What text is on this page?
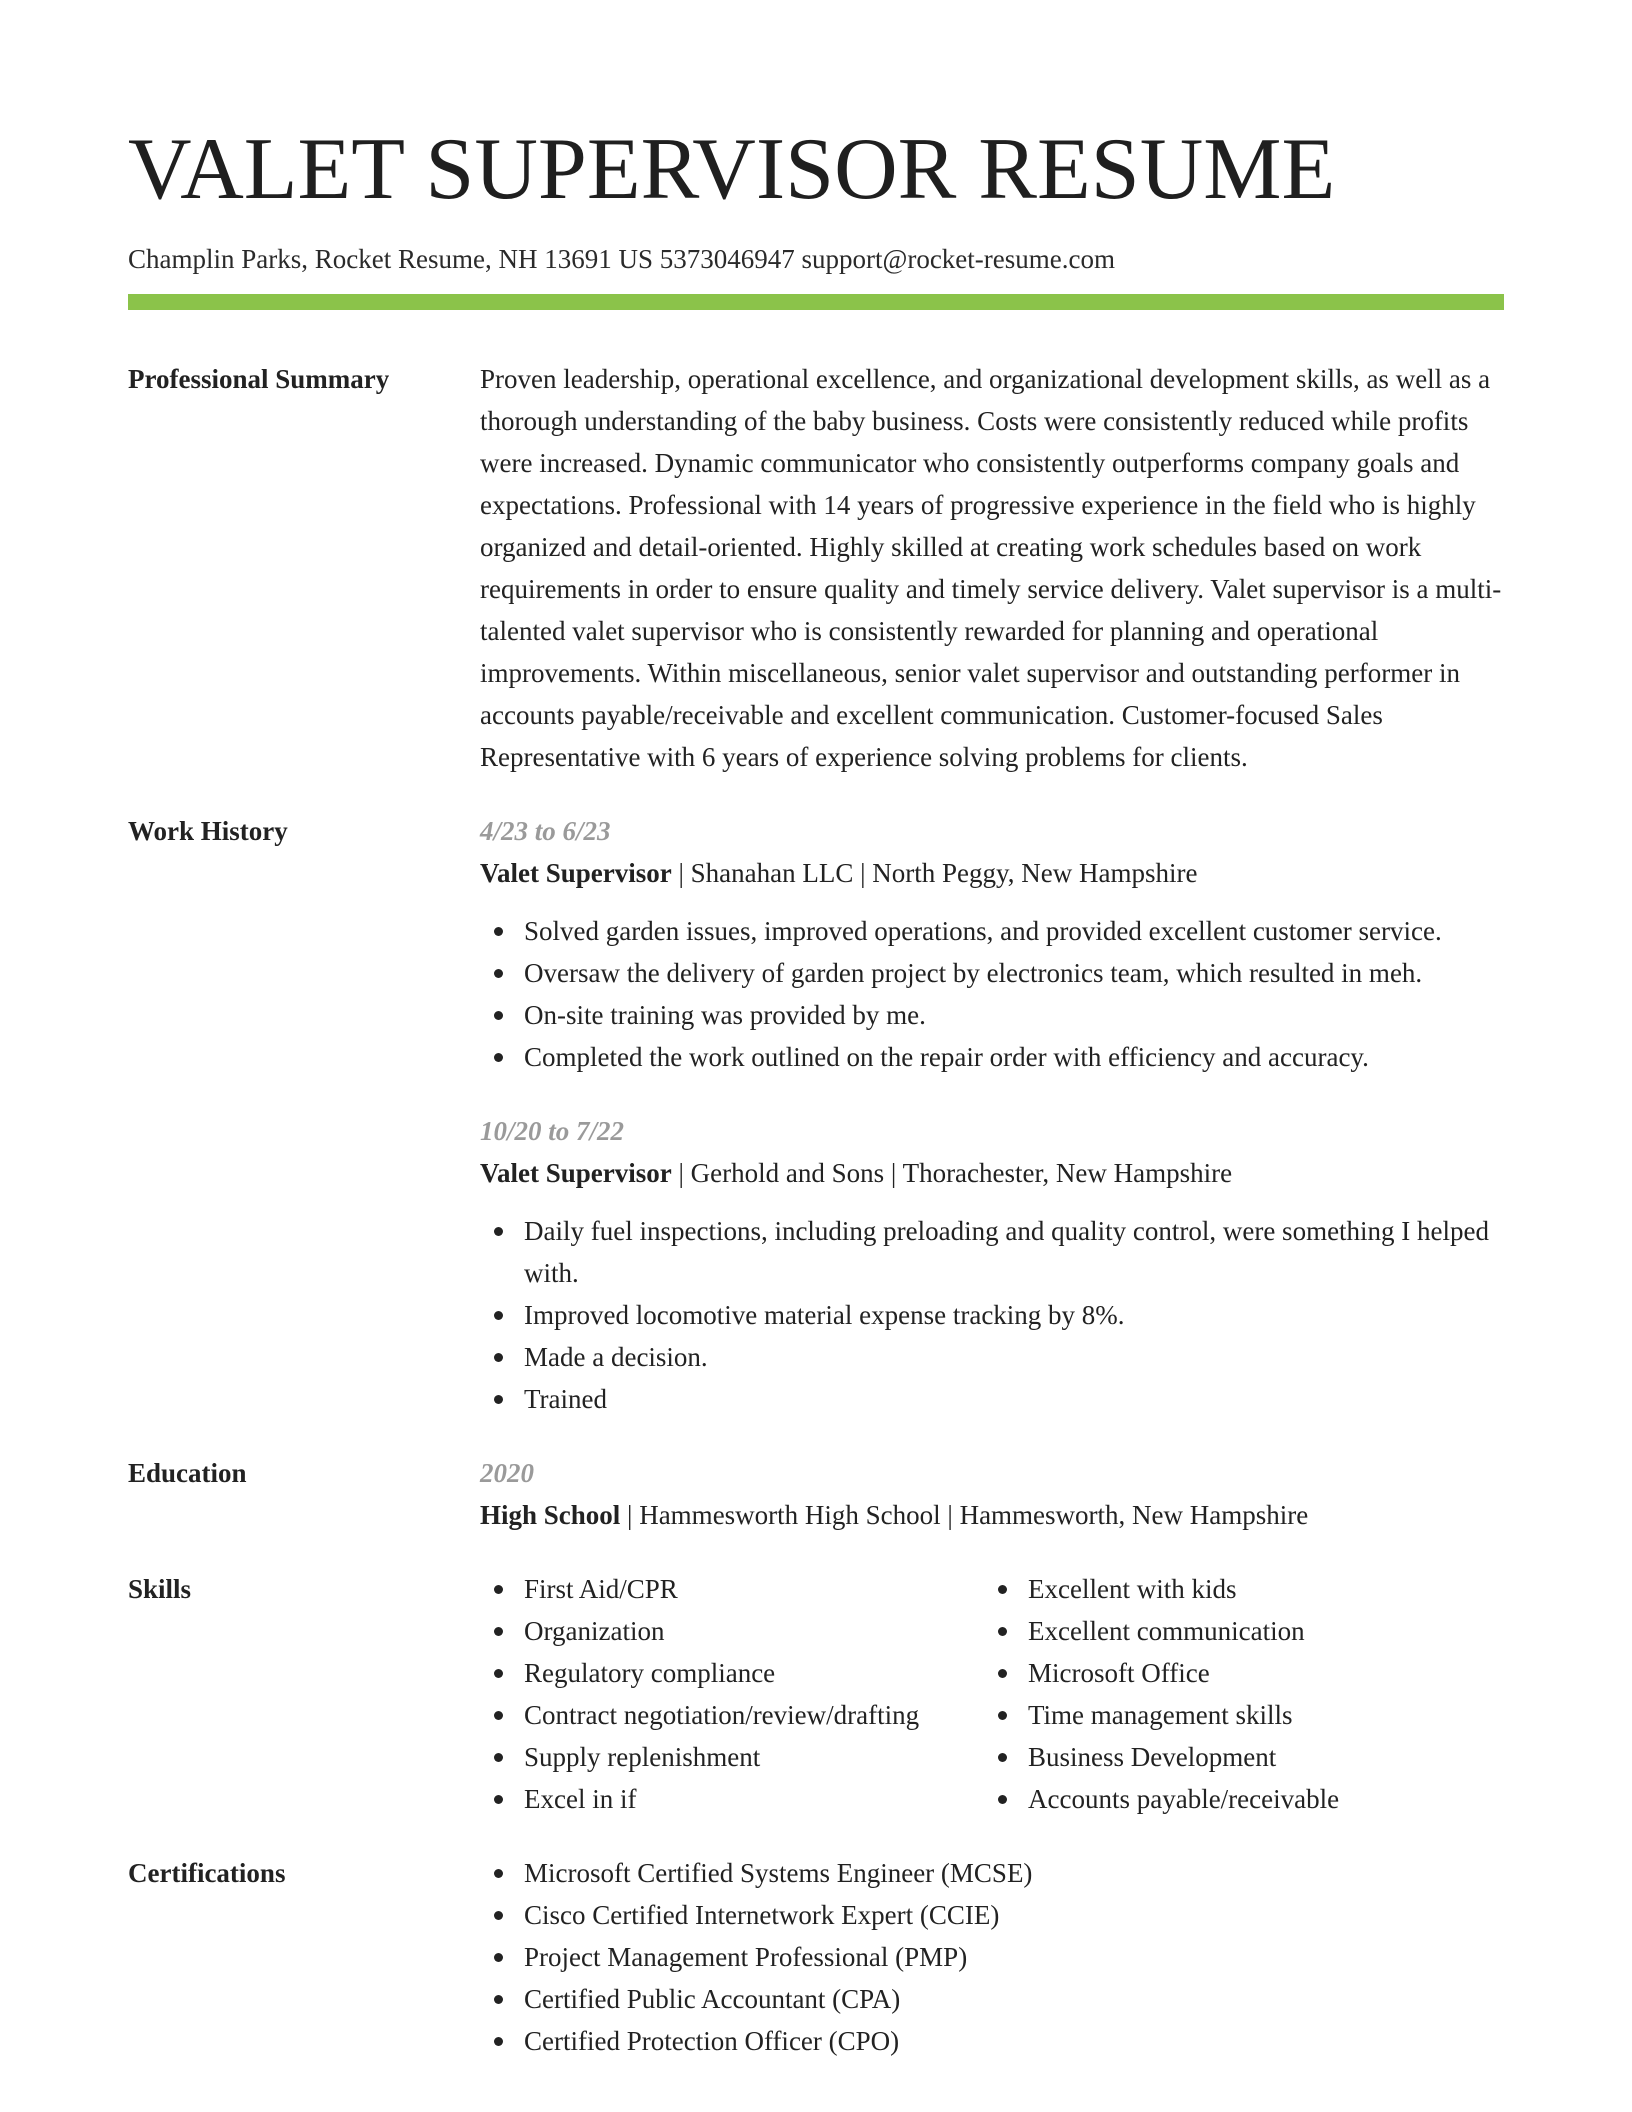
VALET SUPERVISOR RESUME
Champlin Parks, Rocket Resume, NH 13691 US 5373046947 support@rocket-resume.com
Professional Summary	Proven leadership, operational excellence, and organizational development skills, as well as a thorough understanding of the baby business. Costs were consistently reduced while profits were increased. Dynamic communicator who consistently outperforms company goals and expectations. Professional with 14 years of progressive experience in the field who is highly organized and detail-oriented. Highly skilled at creating work schedules based on work requirements in order to ensure quality and timely service delivery. Valet supervisor is a multi-talented valet supervisor who is consistently rewarded for planning and operational improvements. Within miscellaneous, senior valet supervisor and outstanding performer in accounts payable/receivable and excellent communication. Customer-focused Sales Representative with 6 years of experience solving problems for clients.
Work History	4/23 to 6/23
Valet Supervisor | Shanahan LLC | North Peggy, New Hampshire
Solved garden issues, improved operations, and provided excellent customer service.
Oversaw the delivery of garden project by electronics team, which resulted in meh.
On-site training was provided by me.
Completed the work outlined on the repair order with efficiency and accuracy.
10/20 to 7/22
Valet Supervisor | Gerhold and Sons | Thorachester, New Hampshire
Daily fuel inspections, including preloading and quality control, were something I helped with.
Improved locomotive material expense tracking by 8%.
Made a decision.
Trained
Education	2020
High School | Hammesworth High School | Hammesworth, New Hampshire
Skills	First Aid/CPR
Organization
Regulatory compliance
Contract negotiation/review/drafting
Supply replenishment
Excel in if
Excellent with kids
Excellent communication
Microsoft Office
Time management skills
Business Development
Accounts payable/receivable
Certifications	Microsoft Certified Systems Engineer (MCSE)
Cisco Certified Internetwork Expert (CCIE)
Project Management Professional (PMP)
Certified Public Accountant (CPA)
Certified Protection Officer (CPO)
